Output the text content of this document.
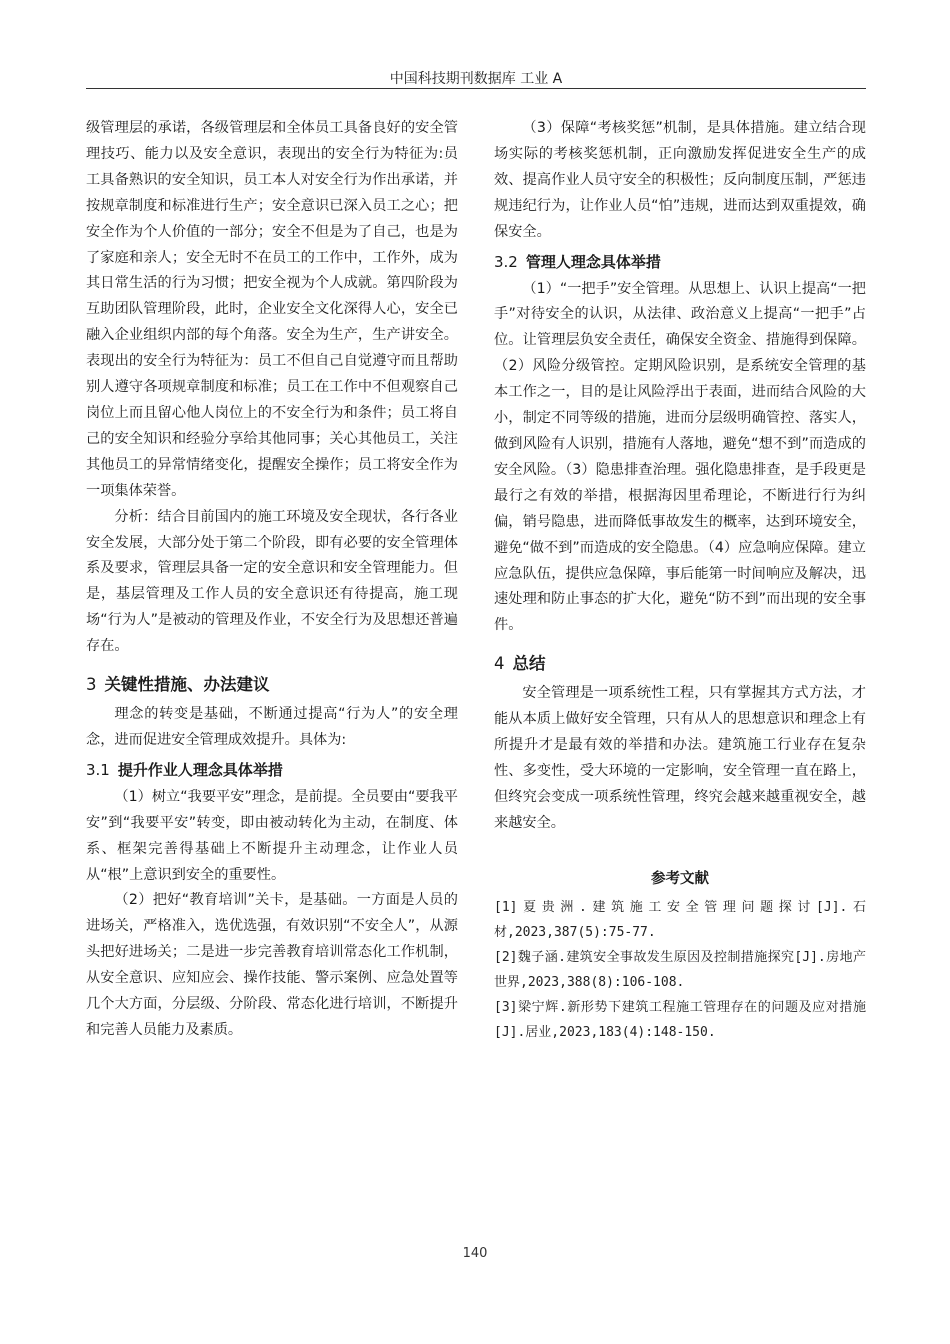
中国科技期刊数据库 工业 A

级管理层的承诺，各级管理层和全体员工具备良好的安全管理技巧、能力以及安全意识，表现出的安全行为特征为:员工具备熟识的安全知识，员工本人对安全行为作出承诺，并按规章制度和标准进行生产；安全意识已深入员工之心；把安全作为个人价值的一部分；安全不但是为了自己，也是为了家庭和亲人；安全无时不在员工的工作中，工作外，成为其日常生活的行为习惯；把安全视为个人成就。第四阶段为互助团队管理阶段，此时，企业安全文化深得人心，安全已融入企业组织内部的每个角落。安全为生产，生产讲安全。表现出的安全行为特征为：员工不但自己自觉遵守而且帮助别人遵守各项规章制度和标准；员工在工作中不但观察自己岗位上而且留心他人岗位上的不安全行为和条件；员工将自己的安全知识和经验分享给其他同事；关心其他员工，关注其他员工的异常情绪变化，提醒安全操作；员工将安全作为一项集体荣誉。

分析：结合目前国内的施工环境及安全现状，各行各业安全发展，大部分处于第二个阶段，即有必要的安全管理体系及要求，管理层具备一定的安全意识和安全管理能力。但是，基层管理及工作人员的安全意识还有待提高，施工现场“行为人”是被动的管理及作业，不安全行为及思想还普遍存在。

3 关键性措施、办法建议

理念的转变是基础，不断通过提高“行为人”的安全理念，进而促进安全管理成效提升。具体为:

3.1 提升作业人理念具体举措

（1）树立“我要平安”理念，是前提。全员要由“要我平安”到“我要平安”转变，即由被动转化为主动，在制度、体系、框架完善得基础上不断提升主动理念，让作业人员从“根”上意识到安全的重要性。

（2）把好“教育培训”关卡，是基础。一方面是人员的进场关，严格准入，选优选强，有效识别“不安全人”，从源头把好进场关；二是进一步完善教育培训常态化工作机制，从安全意识、应知应会、操作技能、警示案例、应急处置等几个大方面，分层级、分阶段、常态化进行培训，不断提升和完善人员能力及素质。

（3）保障“考核奖惩”机制，是具体措施。建立结合现场实际的考核奖惩机制，正向激励发挥促进安全生产的成效、提高作业人员守安全的积极性；反向制度压制，严惩违规违纪行为，让作业人员“怕”违规，进而达到双重提效，确保安全。

3.2 管理人理念具体举措

（1）“一把手”安全管理。从思想上、认识上提高“一把手”对待安全的认识，从法律、政治意义上提高“一把手”占位。让管理层负安全责任，确保安全资金、措施得到保障。（2）风险分级管控。定期风险识别，是系统安全管理的基本工作之一，目的是让风险浮出于表面，进而结合风险的大小，制定不同等级的措施，进而分层级明确管控、落实人，做到风险有人识别，措施有人落地，避免“想不到”而造成的安全风险。（3）隐患排查治理。强化隐患排查，是手段更是最行之有效的举措，根据海因里希理论，不断进行行为纠偏，销号隐患，进而降低事故发生的概率，达到环境安全，避免“做不到”而造成的安全隐患。（4）应急响应保障。建立应急队伍，提供应急保障，事后能第一时间响应及解决，迅速处理和防止事态的扩大化，避免“防不到”而出现的安全事件。

4 总结

安全管理是一项系统性工程，只有掌握其方式方法，才能从本质上做好安全管理，只有从人的思想意识和理念上有所提升才是最有效的举措和办法。建筑施工行业存在复杂性、多变性，受大环境的一定影响，安全管理一直在路上，但终究会变成一项系统性管理，终究会越来越重视安全，越来越安全。

参考文献

[1]夏贵洲.建筑施工安全管理问题探讨[J].石材,2023,387(5):75-77.

[2]魏子涵.建筑安全事故发生原因及控制措施探究[J].房地产世界,2023,388(8):106-108.

[3]梁宁辉.新形势下建筑工程施工管理存在的问题及应对措施[J].居业,2023,183(4):148-150.

140
